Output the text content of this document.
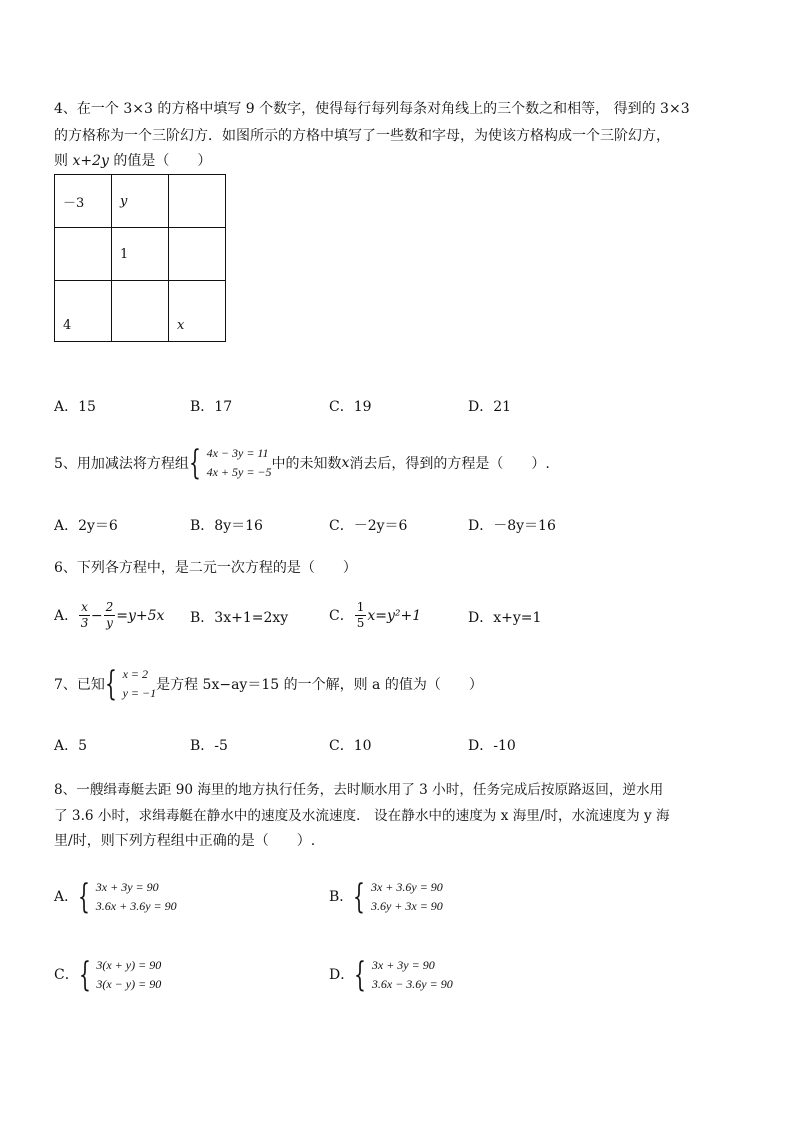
4、在一个 3×3 的方格中填写 9 个数字，使得每行每列每条对角线上的三个数之和相等， 得到的 3×3
的方格称为一个三阶幻方．如图所示的方格中填写了一些数和字母，为使该方格构成一个三阶幻方，
则 x+2y 的值是（　　）
－3	y	
	1	
4		x
A．15	B．17	C．19	D．21
5、用加减法将方程组 { 4x − 3y = 11
4x + 5y = −5 中的未知数 x 消去后，得到的方程是（　　）.
A．2y＝6	B．8y＝16	C．－2y＝6	D．－8y＝16
6、下列各方程中，是二元一次方程的是（　　）
A． $\frac{x}{3} - \frac{2}{y} =y+5x$ B．3x+1=2xy	C． $\frac{1}{5} x=y^2+1$	D．x+y=1
7、已知 { x = 2
y = −1 是方程 5x−ay＝15 的一个解，则 a 的值为（　　）
A．5	B．-5	C．10	D．-10
8、一艘缉毒艇去距 90 海里的地方执行任务，去时顺水用了 3 小时，任务完成后按原路返回，逆水用
了 3.6 小时，求缉毒艇在静水中的速度及水流速度． 设在静水中的速度为 x 海里/时，水流速度为 y 海
里/时，则下列方程组中正确的是（　　）.
A． { 3x + 3y = 90
3.6x + 3.6y = 90
B． { 3x + 3.6y = 90
3.6y + 3x = 90
C． { 3(x + y) = 90
3(x − y) = 90
D． { 3x + 3y = 90
3.6x − 3.6y = 90
